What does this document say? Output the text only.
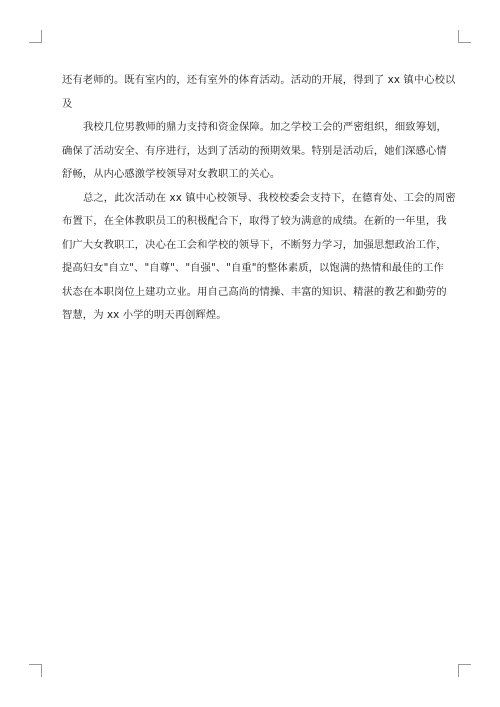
还有老师的。既有室内的，还有室外的体育活动。活动的开展，得到了 xx 镇中心校以
及
我校几位男教师的鼎力支持和资金保障。加之学校工会的严密组织，细致筹划，
确保了活动安全、有序进行，达到了活动的预期效果。特别是活动后，她们深感心情
舒畅，从内心感激学校领导对女教职工的关心。
总之，此次活动在 xx 镇中心校领导、我校校委会支持下，在德育处、工会的周密
布置下，在全体教职员工的积极配合下，取得了较为满意的成绩。在新的一年里，我
们广大女教职工，决心在工会和学校的领导下，不断努力学习，加强思想政治工作，
提高妇女"自立"、"自尊"、"自强"、"自重"的整体素质，以饱满的热情和最佳的工作
状态在本职岗位上建功立业。用自己高尚的情操、丰富的知识、精湛的教艺和勤劳的
智慧，为 xx 小学的明天再创辉煌。
